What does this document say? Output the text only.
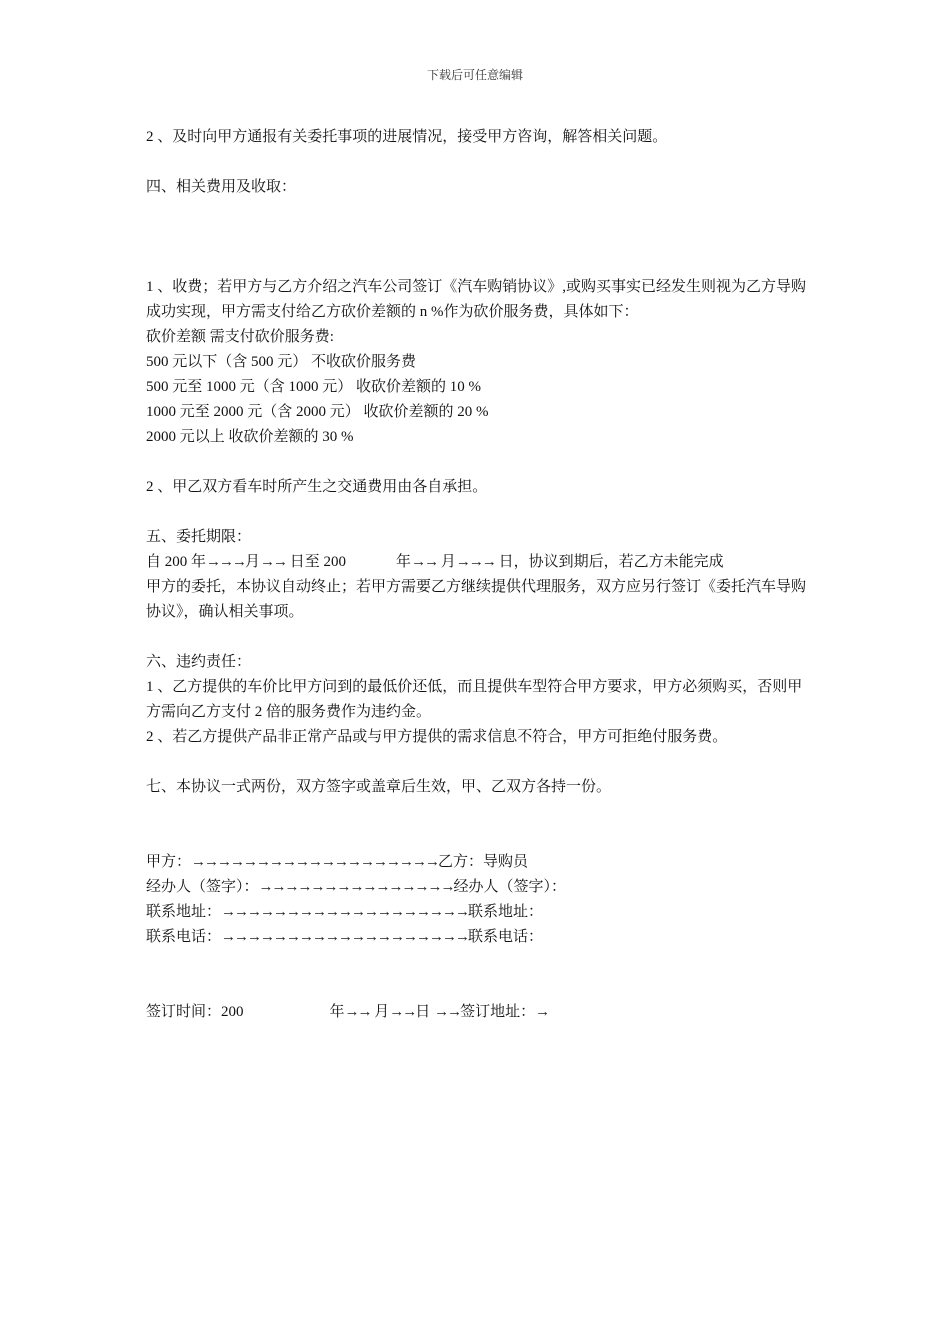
下载后可任意编辑

2 、及时向甲方通报有关委托事项的进展情况，接受甲方咨询，解答相关问题。

四、相关费用及收取：

1 、收费；若甲方与乙方介绍之汽车公司签订《汽车购销协议》,或购买事实已经发生则视为乙方导购成功实现，甲方需支付给乙方砍价差额的 n %作为砍价服务费，具体如下：

砍价差额 需支付砍价服务费:
500 元以下（含 500 元） 不收砍价服务费
500 元至 1000 元（含 1000 元） 收砍价差额的 10 %
1000 元至 2000 元（含 2000 元） 收砍价差额的 20 %
2000 元以上 收砍价差额的 30 %

2 、甲乙双方看车时所产生之交通费用由各自承担。

五、委托期限：

自 200 年→→→月→→ 日至 200	年→→ 月→→→ 日，协议到期后，若乙方未能完成

甲方的委托，本协议自动终止；若甲方需要乙方继续提供代理服务，双方应另行签订《委托汽车导购协议》，确认相关事项。

六、违约责任：

1 、乙方提供的车价比甲方问到的最低价还低，而且提供车型符合甲方要求，甲方必须购买，否则甲方需向乙方支付 2 倍的服务费作为违约金。

2 、若乙方提供产品非正常产品或与甲方提供的需求信息不符合，甲方可拒绝付服务费。

七、本协议一式两份，双方签字或盖章后生效，甲、乙双方各持一份。

甲方：→→→→→→→→→→→→→→→→→→→乙方：导购员
经办人（签字）：→→→→→→→→→→→→→→→经办人（签字）：
联系地址：→→→→→→→→→→→→→→→→→→→联系地址：
联系电话：→→→→→→→→→→→→→→→→→→→联系电话：
签订时间：200	年→→ 月→→日 →→签订地址：→
